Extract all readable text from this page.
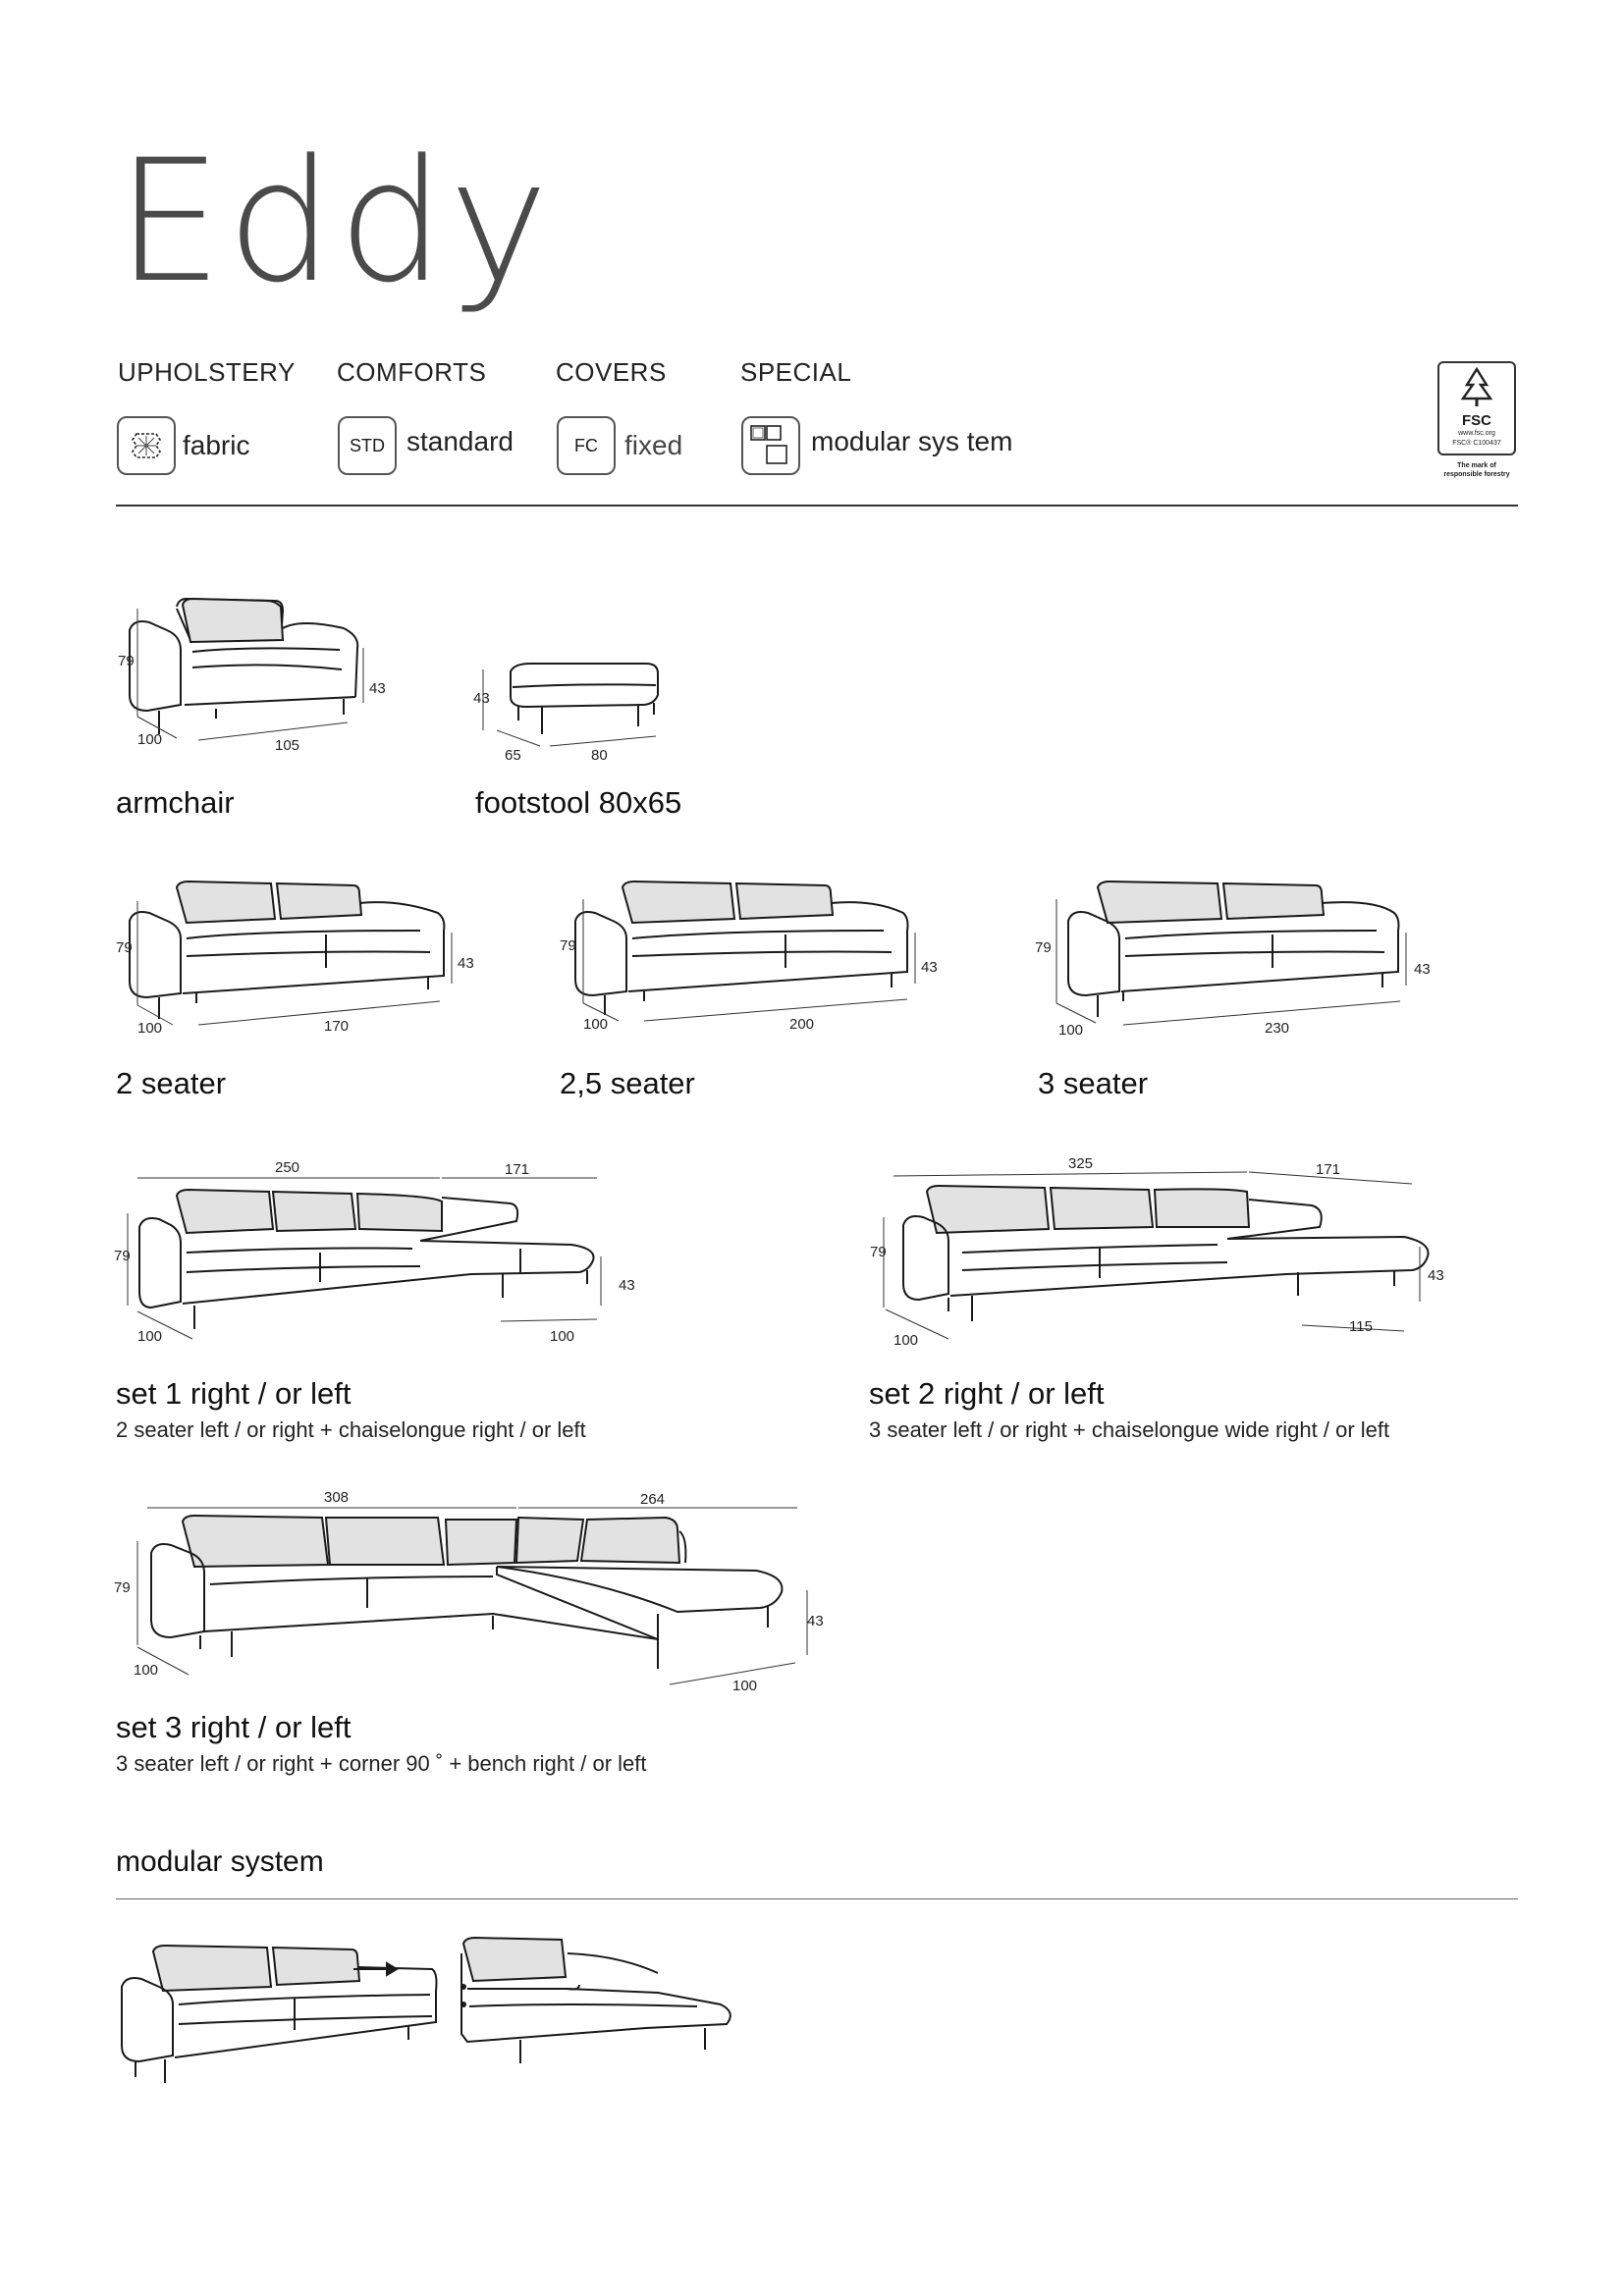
Eddy
UPHOLSTERY COMFORTS	COVERS	SPECIAL
fabric	STD standard	FC fixed	modular sys tem
FSC
www.fsc.org
FSC® C100437
The mark of responsible forestry
79
100	105
43
armchair
43
65	80
footstool 80x65
79
100	170
43
2 seater
79
100	200
43
2,5 seater
79
100	230
43
3 seater
250	171
79
100	100
43
set 1 right / or left
2 seater left / or right + chaiselongue right / or left
325	171
79
100
115
43
set 2 right / or left
3 seater left / or right + chaiselongue wide right / or left
308	264
79
100
100
43
set 3 right / or left
3 seater left / or right + corner 90 ˚ + bench right / or left
modular system
